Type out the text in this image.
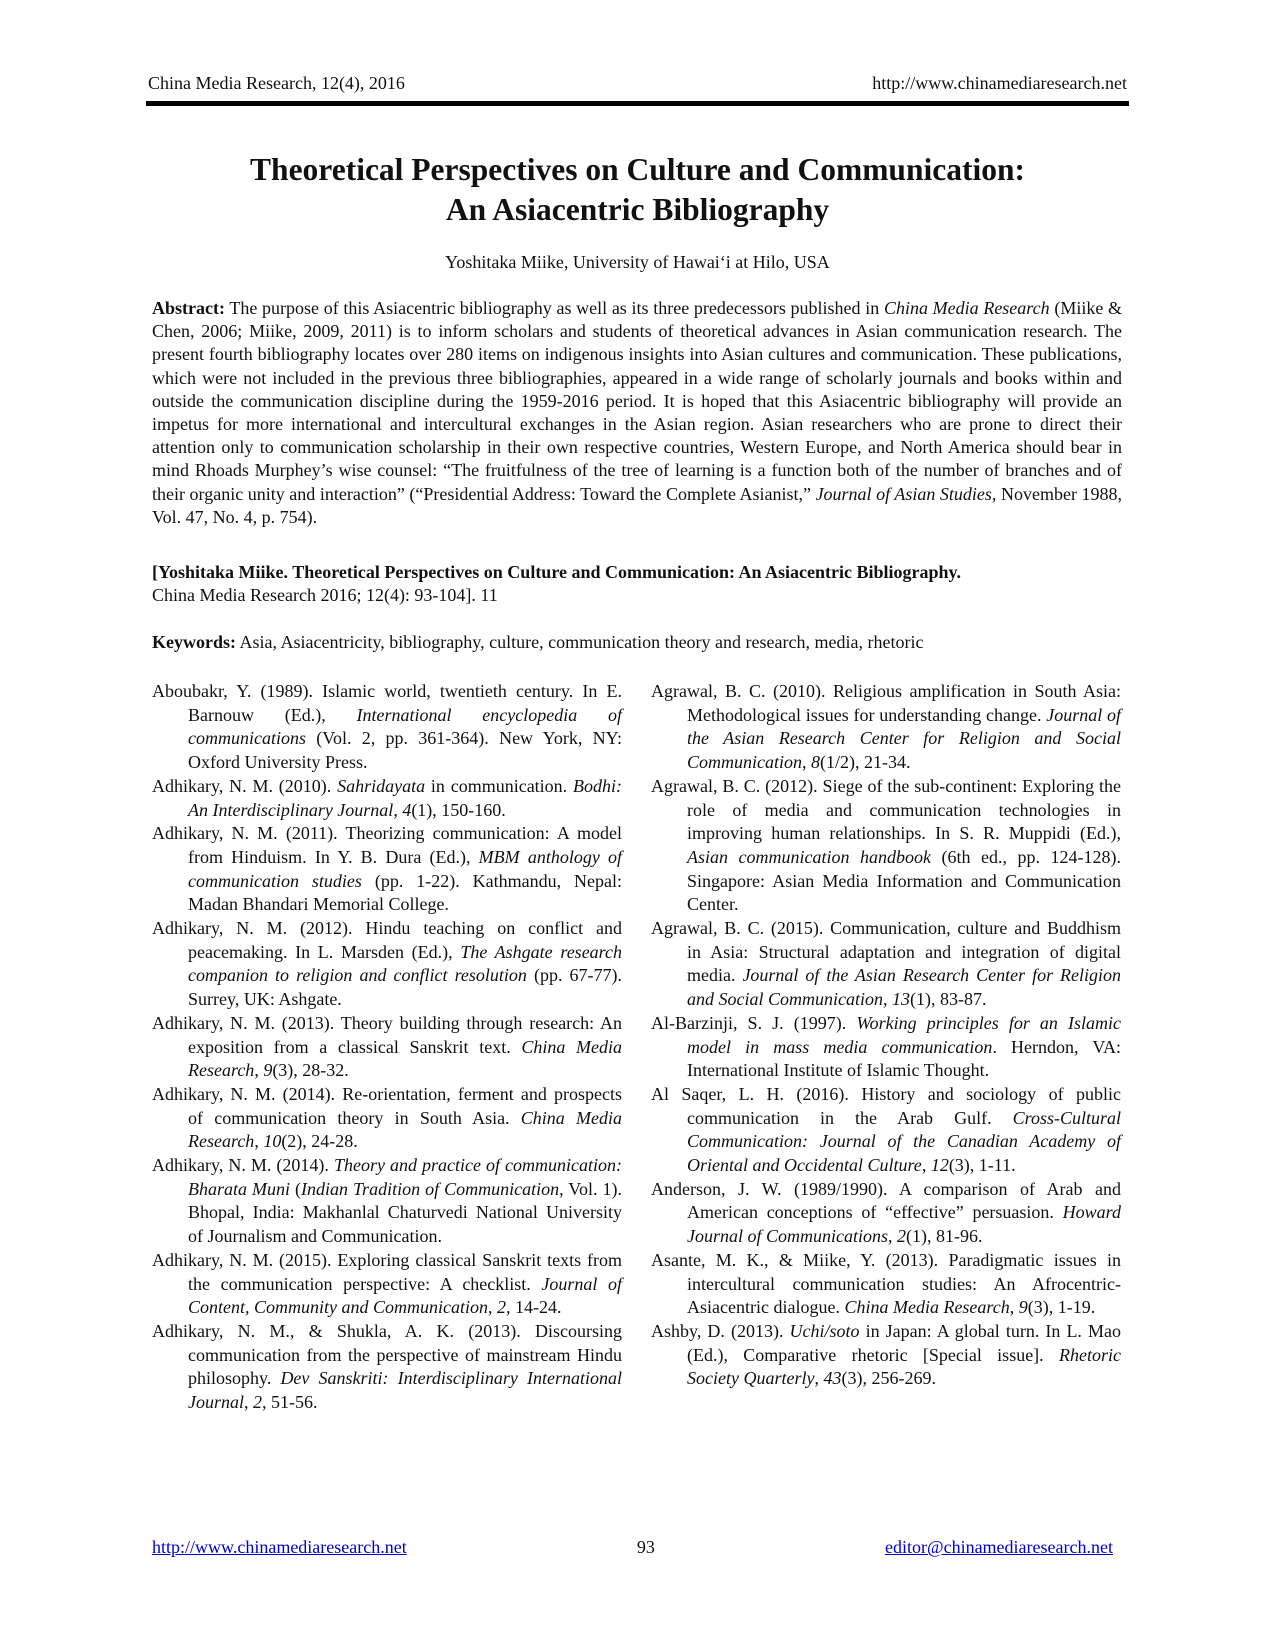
China Media Research, 12(4), 2016	http://www.chinamediaresearch.net
Theoretical Perspectives on Culture and Communication:
An Asiacentric Bibliography
Yoshitaka Miike, University of Hawai‘i at Hilo, USA

Abstract: The purpose of this Asiacentric bibliography as well as its three predecessors published in China Media Research (Miike & Chen, 2006; Miike, 2009, 2011) is to inform scholars and students of theoretical advances in Asian communication research. The present fourth bibliography locates over 280 items on indigenous insights into Asian cultures and communication. These publications, which were not included in the previous three bibliographies, appeared in a wide range of scholarly journals and books within and outside the communication discipline during the 1959-2016 period. It is hoped that this Asiacentric bibliography will provide an impetus for more international and intercultural exchanges in the Asian region. Asian researchers who are prone to direct their attention only to communication scholarship in their own respective countries, Western Europe, and North America should bear in mind Rhoads Murphey’s wise counsel: “The fruitfulness of the tree of learning is a function both of the number of branches and of their organic unity and interaction” (“Presidential Address: Toward the Complete Asianist,” Journal of Asian Studies, November 1988, Vol. 47, No. 4, p. 754).

[Yoshitaka Miike. Theoretical Perspectives on Culture and Communication: An Asiacentric Bibliography.
China Media Research 2016; 12(4): 93-104]. 11
Keywords: Asia, Asiacentricity, bibliography, culture, communication theory and research, media, rhetoric

Aboubakr, Y. (1989). Islamic world, twentieth century. In E. Barnouw (Ed.), International encyclopedia of communications (Vol. 2, pp. 361-364). New York, NY: Oxford University Press.

Adhikary, N. M. (2010). Sahridayata in communication. Bodhi: An Interdisciplinary Journal, 4(1), 150-160.

Adhikary, N. M. (2011). Theorizing communication: A model from Hinduism. In Y. B. Dura (Ed.), MBM anthology of communication studies (pp. 1-22). Kathmandu, Nepal: Madan Bhandari Memorial College.

Adhikary, N. M. (2012). Hindu teaching on conflict and peacemaking. In L. Marsden (Ed.), The Ashgate research companion to religion and conflict resolution (pp. 67-77). Surrey, UK: Ashgate.

Adhikary, N. M. (2013). Theory building through research: An exposition from a classical Sanskrit text. China Media Research, 9(3), 28-32.

Adhikary, N. M. (2014). Re-orientation, ferment and prospects of communication theory in South Asia. China Media Research, 10(2), 24-28.

Adhikary, N. M. (2014). Theory and practice of communication: Bharata Muni (Indian Tradition of Communication, Vol. 1). Bhopal, India: Makhanlal Chaturvedi National University of Journalism and Communication.

Adhikary, N. M. (2015). Exploring classical Sanskrit texts from the communication perspective: A checklist. Journal of Content, Community and Communication, 2, 14-24.

Adhikary, N. M., & Shukla, A. K. (2013). Discoursing communication from the perspective of mainstream Hindu philosophy. Dev Sanskriti: Interdisciplinary International Journal, 2, 51-56.

Agrawal, B. C. (2010). Religious amplification in South Asia: Methodological issues for understanding change. Journal of the Asian Research Center for Religion and Social Communication, 8(1/2), 21-34.

Agrawal, B. C. (2012). Siege of the sub-continent: Exploring the role of media and communication technologies in improving human relationships. In S. R. Muppidi (Ed.), Asian communication handbook (6th ed., pp. 124-128). Singapore: Asian Media Information and Communication Center.

Agrawal, B. C. (2015). Communication, culture and Buddhism in Asia: Structural adaptation and integration of digital media. Journal of the Asian Research Center for Religion and Social Communication, 13(1), 83-87.

Al-Barzinji, S. J. (1997). Working principles for an Islamic model in mass media communication. Herndon, VA: International Institute of Islamic Thought.

Al Saqer, L. H. (2016). History and sociology of public communication in the Arab Gulf. Cross-Cultural Communication: Journal of the Canadian Academy of Oriental and Occidental Culture, 12(3), 1-11.

Anderson, J. W. (1989/1990). A comparison of Arab and American conceptions of “effective” persuasion. Howard Journal of Communications, 2(1), 81-96.

Asante, M. K., & Miike, Y. (2013). Paradigmatic issues in intercultural communication studies: An Afrocentric-Asiacentric dialogue. China Media Research, 9(3), 1-19.

Ashby, D. (2013). Uchi/soto in Japan: A global turn. In L. Mao (Ed.), Comparative rhetoric [Special issue]. Rhetoric Society Quarterly, 43(3), 256-269.

http://www.chinamediaresearch.net	93	editor@chinamediaresearch.net
